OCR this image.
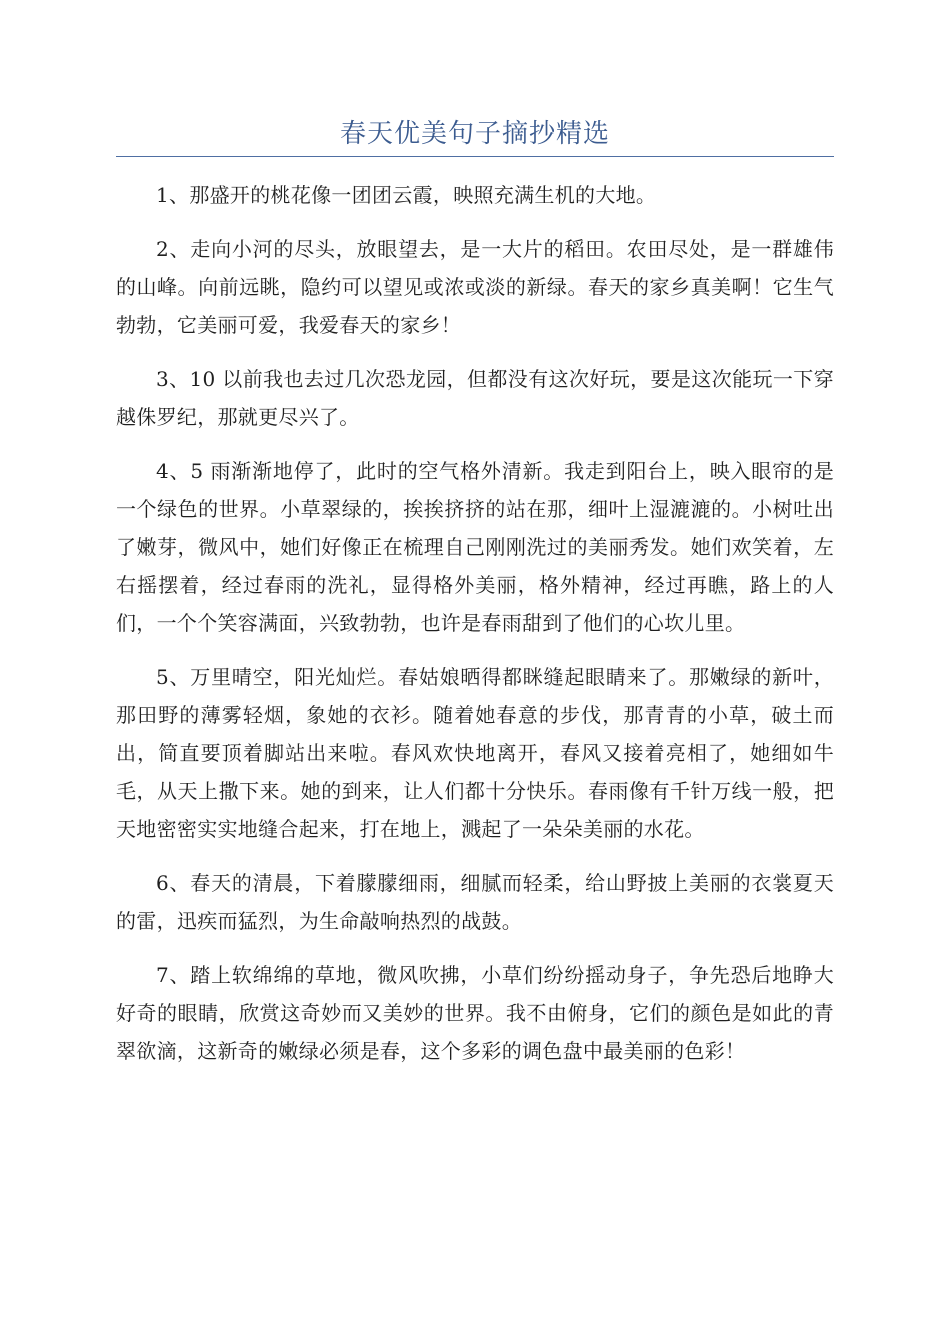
春天优美句子摘抄精选

1、那盛开的桃花像一团团云霞，映照充满生机的大地。

2、走向小河的尽头，放眼望去，是一大片的稻田。农田尽处，是一群雄伟的山峰。向前远眺，隐约可以望见或浓或淡的新绿。春天的家乡真美啊！它生气勃勃，它美丽可爱，我爱春天的家乡！

3、10 以前我也去过几次恐龙园，但都没有这次好玩，要是这次能玩一下穿越侏罗纪，那就更尽兴了。

4、5 雨渐渐地停了，此时的空气格外清新。我走到阳台上，映入眼帘的是一个绿色的世界。小草翠绿的，挨挨挤挤的站在那，细叶上湿漉漉的。小树吐出了嫩芽，微风中，她们好像正在梳理自己刚刚洗过的美丽秀发。她们欢笑着，左右摇摆着，经过春雨的洗礼，显得格外美丽，格外精神，经过再瞧，路上的人们，一个个笑容满面，兴致勃勃，也许是春雨甜到了他们的心坎儿里。

5、万里晴空，阳光灿烂。春姑娘晒得都眯缝起眼睛来了。那嫩绿的新叶，那田野的薄雾轻烟，象她的衣衫。随着她春意的步伐，那青青的小草，破土而出，简直要顶着脚站出来啦。春风欢快地离开，春风又接着亮相了，她细如牛毛，从天上撒下来。她的到来，让人们都十分快乐。春雨像有千针万线一般，把天地密密实实地缝合起来，打在地上，溅起了一朵朵美丽的水花。

6、春天的清晨，下着朦朦细雨，细腻而轻柔，给山野披上美丽的衣裳夏天的雷，迅疾而猛烈，为生命敲响热烈的战鼓。

7、踏上软绵绵的草地，微风吹拂，小草们纷纷摇动身子，争先恐后地睁大好奇的眼睛，欣赏这奇妙而又美妙的世界。我不由俯身，它们的颜色是如此的青翠欲滴，这新奇的嫩绿必须是春，这个多彩的调色盘中最美丽的色彩！
